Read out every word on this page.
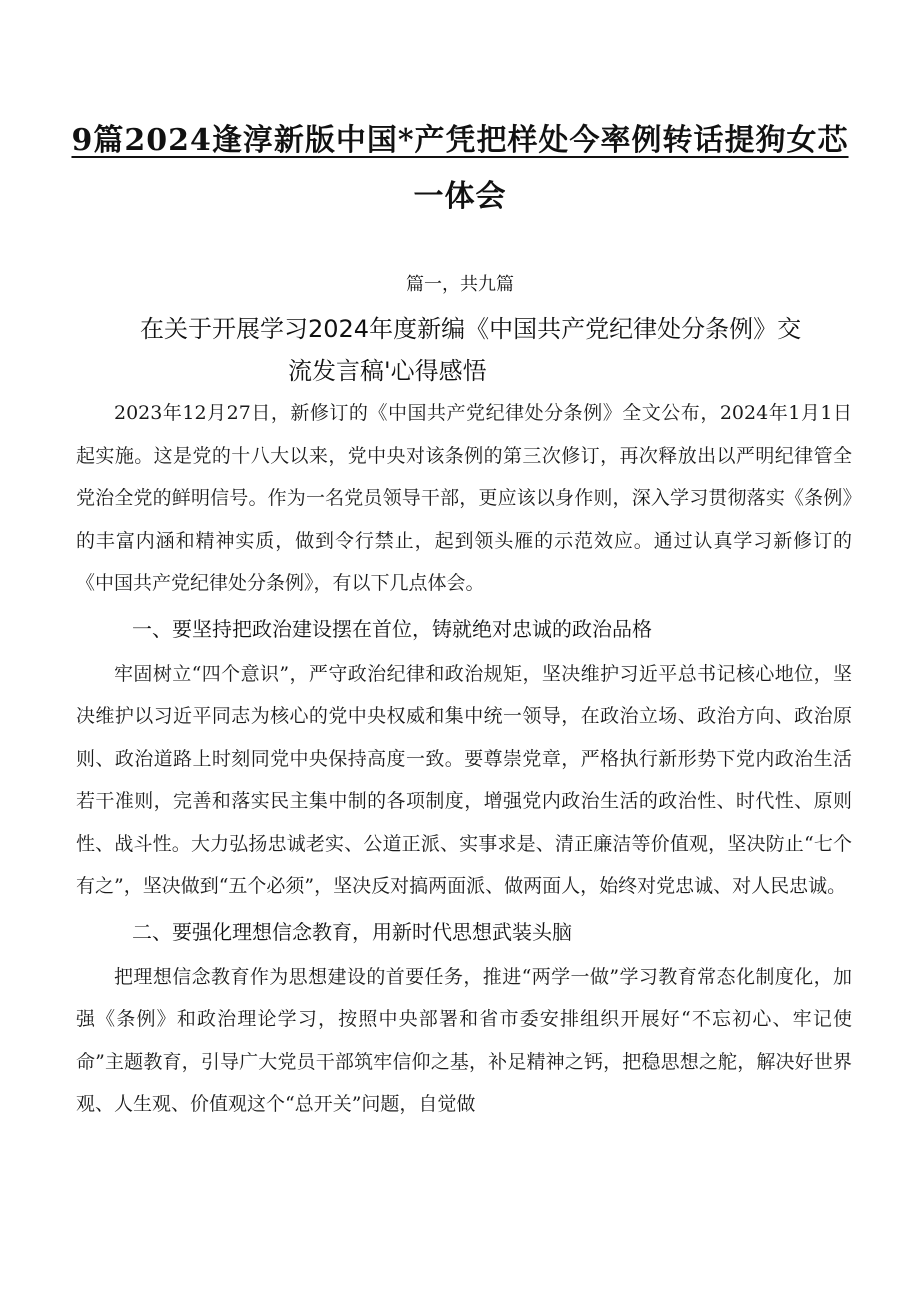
9篇2024逢淳新版中国*产凭把样处今率例转话提狗女芯
一体会
篇一，共九篇
在关于开展学习2024年度新编《中国共产党纪律处分条例》交
流发言稿'心得感悟

2023年12月27日，新修订的《中国共产党纪律处分条例》全文公布，2024年1月1日起实施。这是党的十八大以来，党中央对该条例的第三次修订，再次释放出以严明纪律管全党治全党的鲜明信号。作为一名党员领导干部，更应该以身作则，深入学习贯彻落实《条例》的丰富内涵和精神实质，做到令行禁止，起到领头雁的示范效应。通过认真学习新修订的《中国共产党纪律处分条例》，有以下几点体会。

一、要坚持把政治建设摆在首位，铸就绝对忠诚的政治品格

牢固树立“四个意识”，严守政治纪律和政治规矩，坚决维护习近平总书记核心地位，坚决维护以习近平同志为核心的党中央权威和集中统一领导，在政治立场、政治方向、政治原则、政治道路上时刻同党中央保持高度一致。要尊崇党章，严格执行新形势下党内政治生活若干准则，完善和落实民主集中制的各项制度，增强党内政治生活的政治性、时代性、原则性、战斗性。大力弘扬忠诚老实、公道正派、实事求是、清正廉洁等价值观，坚决防止“七个有之”，坚决做到“五个必须”，坚决反对搞两面派、做两面人，始终对党忠诚、对人民忠诚。

二、要强化理想信念教育，用新时代思想武装头脑

把理想信念教育作为思想建设的首要任务，推进“两学一做”学习教育常态化制度化，加强《条例》和政治理论学习，按照中央部署和省市委安排组织开展好“不忘初心、牢记使命”主题教育，引导广大党员干部筑牢信仰之基，补足精神之钙，把稳思想之舵，解决好世界观、人生观、价值观这个“总开关”问题，自觉做
